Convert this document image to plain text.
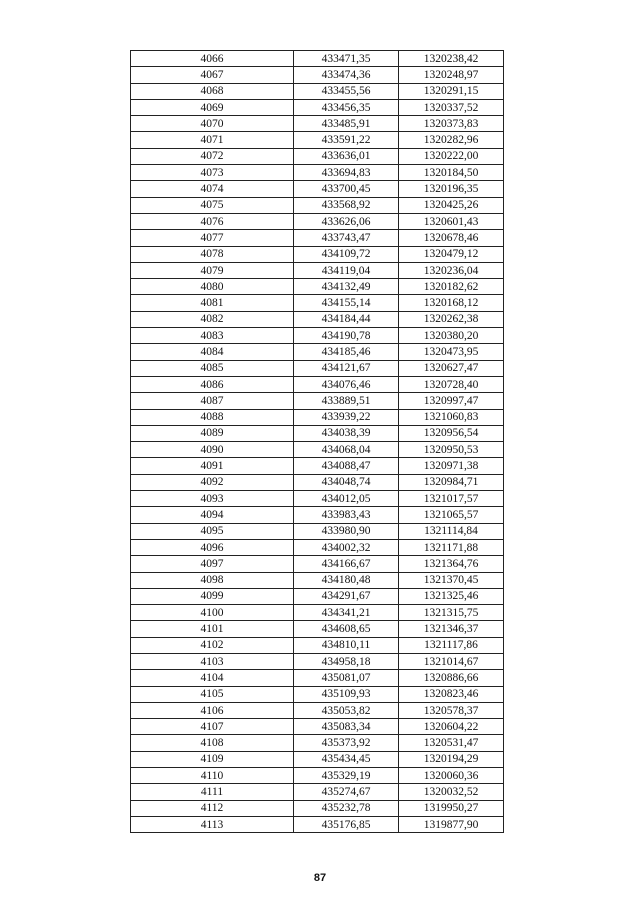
4066	433471,35	1320238,42
4067	433474,36	1320248,97
4068	433455,56	1320291,15
4069	433456,35	1320337,52
4070	433485,91	1320373,83
4071	433591,22	1320282,96
4072	433636,01	1320222,00
4073	433694,83	1320184,50
4074	433700,45	1320196,35
4075	433568,92	1320425,26
4076	433626,06	1320601,43
4077	433743,47	1320678,46
4078	434109,72	1320479,12
4079	434119,04	1320236,04
4080	434132,49	1320182,62
4081	434155,14	1320168,12
4082	434184,44	1320262,38
4083	434190,78	1320380,20
4084	434185,46	1320473,95
4085	434121,67	1320627,47
4086	434076,46	1320728,40
4087	433889,51	1320997,47
4088	433939,22	1321060,83
4089	434038,39	1320956,54
4090	434068,04	1320950,53
4091	434088,47	1320971,38
4092	434048,74	1320984,71
4093	434012,05	1321017,57
4094	433983,43	1321065,57
4095	433980,90	1321114,84
4096	434002,32	1321171,88
4097	434166,67	1321364,76
4098	434180,48	1321370,45
4099	434291,67	1321325,46
4100	434341,21	1321315,75
4101	434608,65	1321346,37
4102	434810,11	1321117,86
4103	434958,18	1321014,67
4104	435081,07	1320886,66
4105	435109,93	1320823,46
4106	435053,82	1320578,37
4107	435083,34	1320604,22
4108	435373,92	1320531,47
4109	435434,45	1320194,29
4110	435329,19	1320060,36
4111	435274,67	1320032,52
4112	435232,78	1319950,27
4113	435176,85	1319877,90
87
